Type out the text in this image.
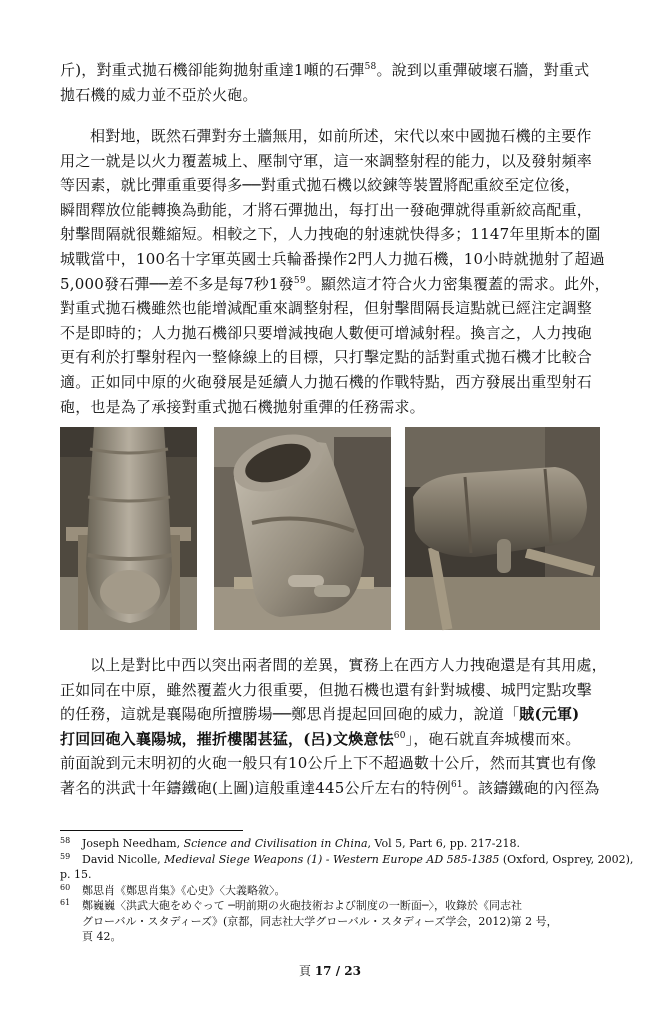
斤)，對重式拋石機卻能夠拋射重達1噸的石彈$^{58}$。說到以重彈破壞石牆，對重式
拋石機的威力並不亞於火砲。
相對地，既然石彈對夯土牆無用，如前所述，宋代以來中國拋石機的主要作
用之一就是以火力覆蓋城上、壓制守軍，這一來調整射程的能力，以及發射頻率
等因素，就比彈重重要得多──對重式拋石機以絞鍊等裝置將配重絞至定位後，
瞬間釋放位能轉換為動能，才將石彈拋出，每打出一發砲彈就得重新絞高配重，
射擊間隔就很難縮短。相較之下，人力拽砲的射速就快得多；1147年里斯本的圍
城戰當中，100名十字軍英國士兵輪番操作2門人力拋石機，10小時就拋射了超過
5,000發石彈──差不多是每7秒1發$^{59}$。顯然這才符合火力密集覆蓋的需求。此外，
對重式拋石機雖然也能增減配重來調整射程，但射擊間隔長這點就已經注定調整
不是即時的；人力拋石機卻只要增減拽砲人數便可增減射程。換言之，人力拽砲
更有利於打擊射程內一整條線上的目標，只打擊定點的話對重式拋石機才比較合
適。正如同中原的火砲發展是延續人力拋石機的作戰特點，西方發展出重型射石
砲，也是為了承接對重式拋石機拋射重彈的任務需求。
以上是對比中西以突出兩者間的差異，實務上在西方人力拽砲還是有其用處，
正如同在中原，雖然覆蓋火力很重要，但拋石機也還有針對城樓、城門定點攻擊
的任務，這就是襄陽砲所擅勝場──鄭思肖提起回回砲的威力，說道「賊(元軍)
打回回砲入襄陽城，摧折樓閣甚猛，(呂)文煥意怯$^{60}$」，砲石就直奔城樓而來。
前面說到元末明初的火砲一般只有10公斤上下不超過數十公斤，然而其實也有像
著名的洪武十年鑄鐵砲(上圖)這般重達445公斤左右的特例$^{61}$。該鑄鐵砲的內徑為
58 Joseph Needham, Science and Civilisation in China, Vol 5, Part 6, pp. 217-218.
59 David Nicolle, Medieval Siege Weapons (1) - Western Europe AD 585-1385 (Oxford, Osprey, 2002),
p. 15.
60 鄭思肖《鄭思肖集》《心史》〈大義略敘〉。
61 鄭巍巍〈洪武大砲をめぐって ─明前期の火砲技術および制度の一断面─〉，收錄於《同志社
グローバル・スタディーズ》(京都，同志社大学グローバル・スタディーズ学会，2012)第 2 号，
頁 42。
頁 17 / 23
